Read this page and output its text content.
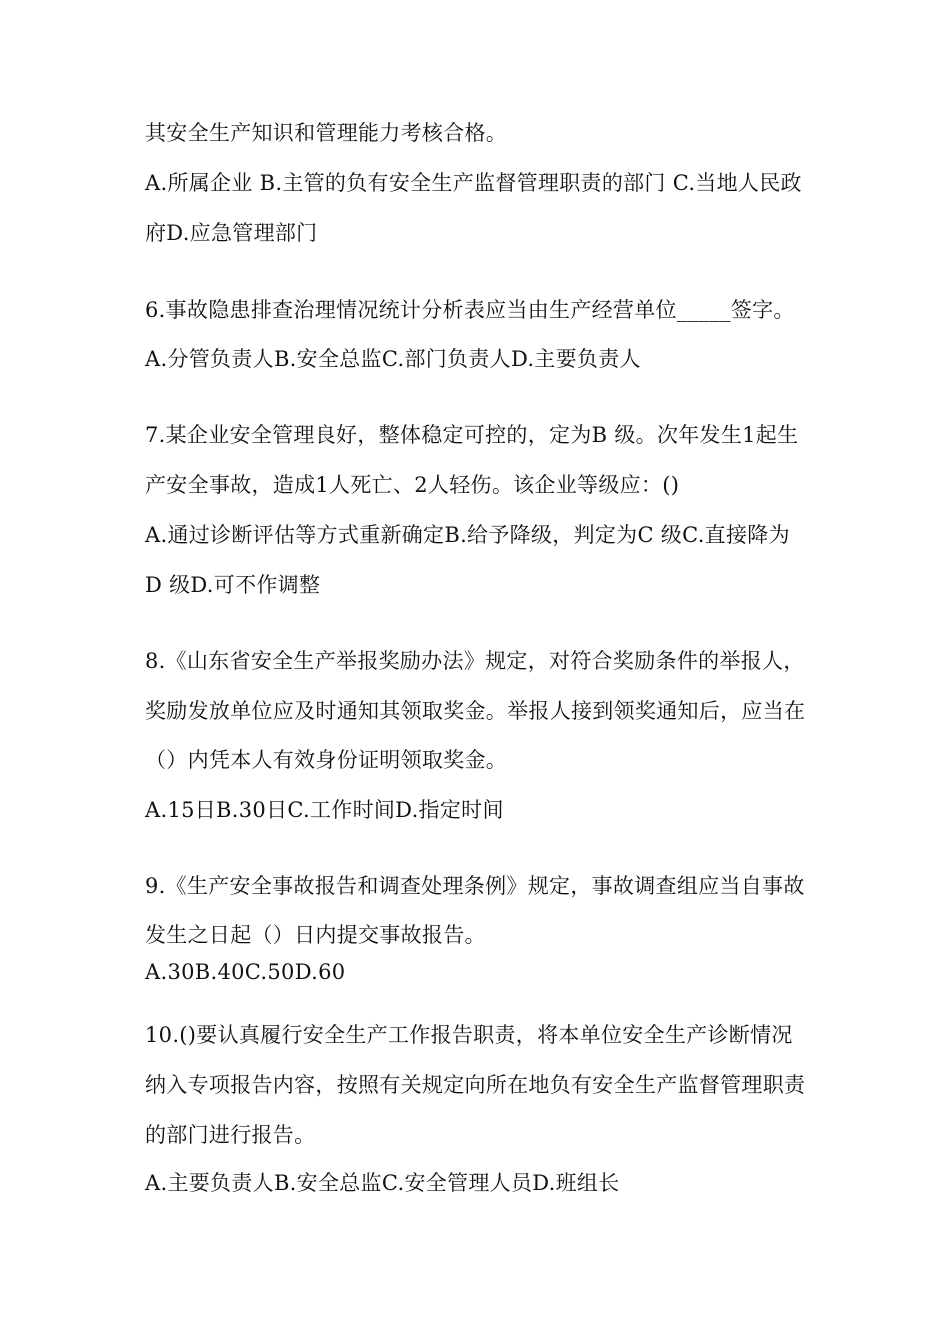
其安全生产知识和管理能力考核合格。
A.所属企业 B.主管的负有安全生产监督管理职责的部门 C.当地人民政
府D.应急管理部门
6.事故隐患排查治理情况统计分析表应当由生产经营单位_____签字。
A.分管负责人B.安全总监C.部门负责人D.主要负责人
7.某企业安全管理良好，整体稳定可控的，定为B 级。次年发生1起生
产安全事故，造成1人死亡、2人轻伤。该企业等级应：()
A.通过诊断评估等方式重新确定B.给予降级，判定为C 级C.直接降为
D 级D.可不作调整
8.《山东省安全生产举报奖励办法》规定，对符合奖励条件的举报人，
奖励发放单位应及时通知其领取奖金。举报人接到领奖通知后，应当在
（）内凭本人有效身份证明领取奖金。
A.15日B.30日C.工作时间D.指定时间
9.《生产安全事故报告和调查处理条例》规定，事故调查组应当自事故
发生之日起（）日内提交事故报告。
A.30B.40C.50D.60
10.()要认真履行安全生产工作报告职责，将本单位安全生产诊断情况
纳入专项报告内容，按照有关规定向所在地负有安全生产监督管理职责
的部门进行报告。
A.主要负责人B.安全总监C.安全管理人员D.班组长
